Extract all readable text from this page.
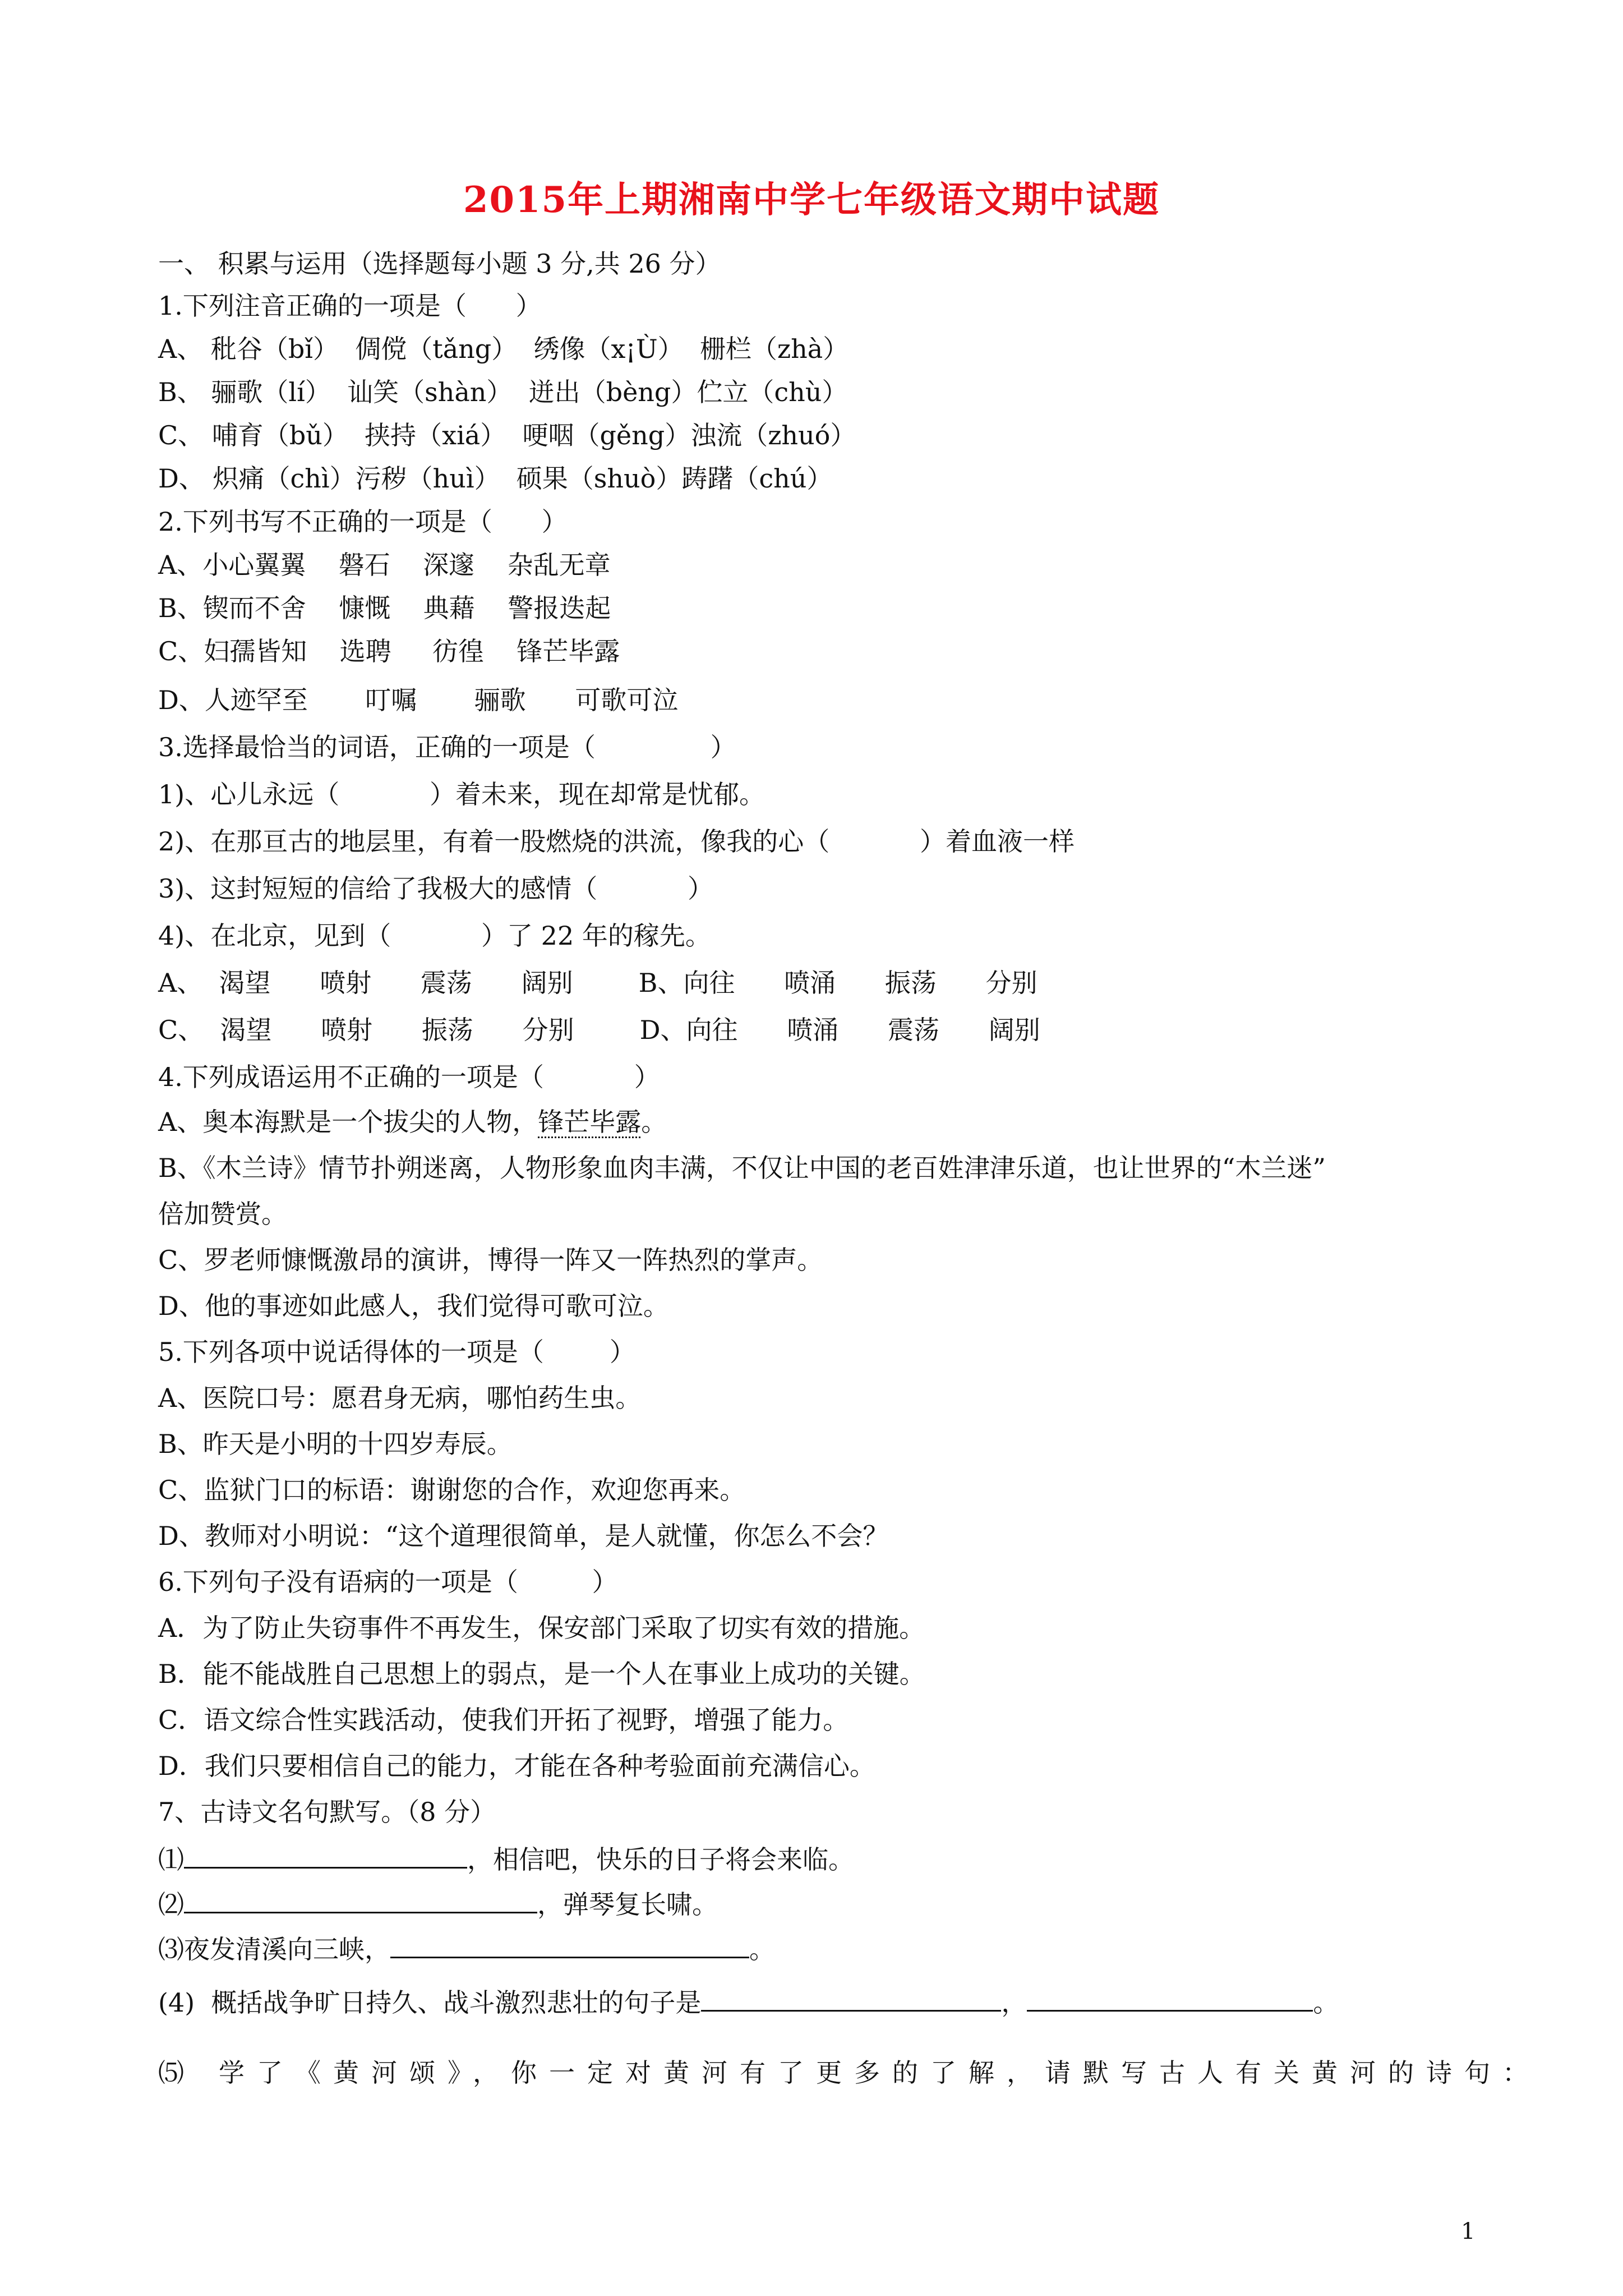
2015年上期湘南中学七年级语文期中试题
一、 积累与运用（选择题每小题 3 分,共 26 分）
1.下列注音正确的一项是（      ）
A、 秕谷（bǐ）  倜傥（tǎng）  绣像（x¡Ù）  栅栏（zhà）
B、 骊歌（lí）  讪笑（shàn）  迸出（bèng）伫立（chù）
C、 哺育（bǔ）  挟持（xiá）  哽咽（gěng）浊流（zhuó）
D、 炽痛（chì）污秽（huì）  硕果（shuò）踌躇（chú）
2.下列书写不正确的一项是（      ）
A、小心翼翼    磐石    深邃    杂乱无章
B、锲而不舍    慷慨    典藉    警报迭起
C、妇孺皆知    选聘     彷徨    锋芒毕露
D、人迹罕至       叮嘱       骊歌      可歌可泣
3.选择最恰当的词语，正确的一项是（              ）
1)、心儿永远（           ）着未来，现在却常是忧郁。
2)、在那亘古的地层里，有着一股燃烧的洪流，像我的心（           ）着血液一样
3)、这封短短的信给了我极大的感情（           ）
4)、在北京，见到（           ）了 22 年的稼先。
A、  渴望      喷射      震荡      阔别        B、向往      喷涌      振荡      分别
C、  渴望      喷射      振荡      分别        D、向往      喷涌      震荡      阔别
4.下列成语运用不正确的一项是（           ）
A、奥本海默是一个拔尖的人物，锋芒毕露。
B、《木兰诗》情节扑朔迷离，人物形象血肉丰满，不仅让中国的老百姓津津乐道，也让世界的“木兰迷”
倍加赞赏。
C、罗老师慷慨激昂的演讲，博得一阵又一阵热烈的掌声。
D、他的事迹如此感人，我们觉得可歌可泣。
5.下列各项中说话得体的一项是（        ）
A、医院口号：愿君身无病，哪怕药生虫。
B、昨天是小明的十四岁寿辰。
C、监狱门口的标语：谢谢您的合作，欢迎您再来。
D、教师对小明说：“这个道理很简单，是人就懂，你怎么不会？
6.下列句子没有语病的一项是（         ）
A．为了防止失窃事件不再发生，保安部门采取了切实有效的措施。
B．能不能战胜自己思想上的弱点，是一个人在事业上成功的关键。
C．语文综合性实践活动，使我们开拓了视野，增强了能力。
D．我们只要相信自己的能力，才能在各种考验面前充满信心。
7、古诗文名句默写。（8 分）
⑴	，相信吧，快乐的日子将会来临。
⑵	，弹琴复长啸。
⑶夜发清溪向三峡，	。
(4)  概括战争旷日持久、战斗激烈悲壮的句子是	，	。
⑸ 学了《黄河颂》，你一定对黄河有了更多的了解，请默写古人有关黄河的诗句：
1
